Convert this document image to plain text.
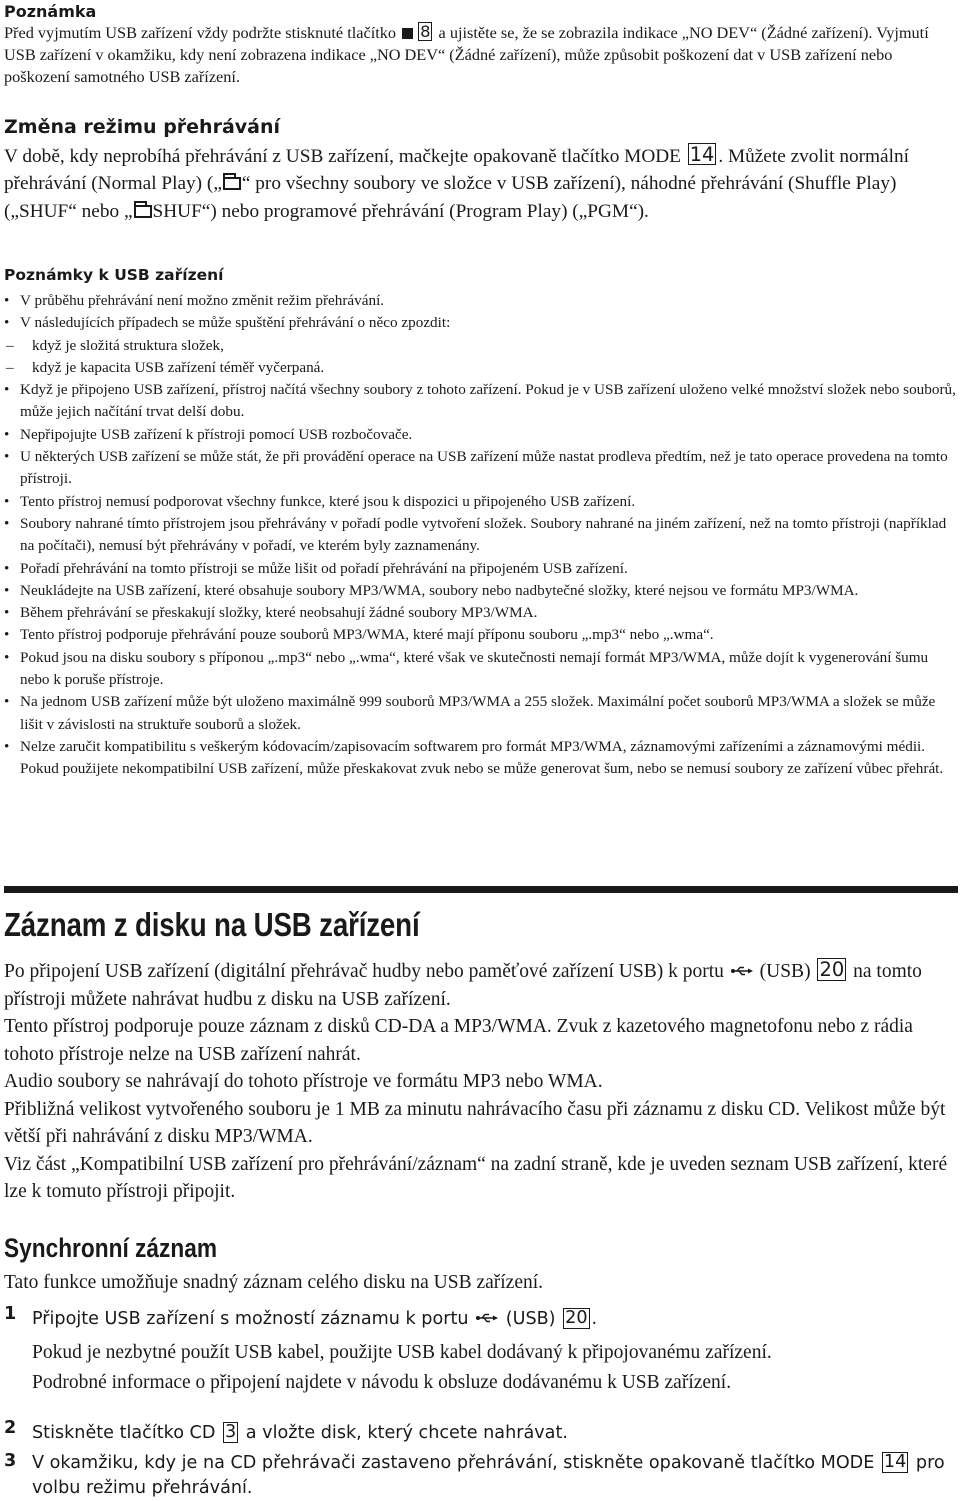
Poznámka
Před vyjmutím USB zařízení vždy podržte stisknuté tlačítko 8 a ujistěte se, že se zobrazila indikace „NO DEV“ (Žádné zařízení). Vyjmutí USB zařízení v okamžiku, kdy není zobrazena indikace „NO DEV“ (Žádné zařízení), může způsobit poškození dat v USB zařízení nebo poškození samotného USB zařízení.
Změna režimu přehrávání
V době, kdy neprobíhá přehrávání z USB zařízení, mačkejte opakovaně tlačítko MODE 14 . Můžete zvolit normální přehrávání (Normal Play) („ “ pro všechny soubory ve složce v USB zařízení), náhodné přehrávání (Shuffle Play) („SHUF“ nebo „ SHUF“) nebo programové přehrávání (Program Play) („PGM“).
Poznámky k USB zařízení
• V průběhu přehrávání není možno změnit režim přehrávání.
• V následujících případech se může spuštění přehrávání o něco zpozdit:
– když je složitá struktura složek,
– když je kapacita USB zařízení téměř vyčerpaná.
• Když je připojeno USB zařízení, přístroj načítá všechny soubory z tohoto zařízení. Pokud je v USB zařízení uloženo velké množství složek nebo souborů, může jejich načítání trvat delší dobu.
• Nepřipojujte USB zařízení k přístroji pomocí USB rozbočovače.
• U některých USB zařízení se může stát, že při provádění operace na USB zařízení může nastat prodleva předtím, než je tato operace provedena na tomto přístroji.
• Tento přístroj nemusí podporovat všechny funkce, které jsou k dispozici u připojeného USB zařízení.
• Soubory nahrané tímto přístrojem jsou přehrávány v pořadí podle vytvoření složek. Soubory nahrané na jiném zařízení, než na tomto přístroji (například na počítači), nemusí být přehrávány v pořadí, ve kterém byly zaznamenány.
• Pořadí přehrávání na tomto přístroji se může lišit od pořadí přehrávání na připojeném USB zařízení.
• Neukládejte na USB zařízení, které obsahuje soubory MP3/WMA, soubory nebo nadbytečné složky, které nejsou ve formátu MP3/WMA.
• Během přehrávání se přeskakují složky, které neobsahují žádné soubory MP3/WMA.
• Tento přístroj podporuje přehrávání pouze souborů MP3/WMA, které mají příponu souboru „.mp3“ nebo „.wma“.
• Pokud jsou na disku soubory s příponou „.mp3“ nebo „.wma“, které však ve skutečnosti nemají formát MP3/WMA, může dojít k vygenerování šumu nebo k poruše přístroje.
• Na jednom USB zařízení může být uloženo maximálně 999 souborů MP3/WMA a 255 složek. Maximální počet souborů MP3/WMA a složek se může lišit v závislosti na struktuře souborů a složek.
• Nelze zaručit kompatibilitu s veškerým kódovacím/zapisovacím softwarem pro formát MP3/WMA, záznamovými zařízeními a záznamovými médii. Pokud použijete nekompatibilní USB zařízení, může přeskakovat zvuk nebo se může generovat šum, nebo se nemusí soubory ze zařízení vůbec přehrát.
Záznam z disku na USB zařízení
Po připojení USB zařízení (digitální přehrávač hudby nebo paměťové zařízení USB) k portu (USB) 20 na tomto přístroji můžete nahrávat hudbu z disku na USB zařízení.
Tento přístroj podporuje pouze záznam z disků CD-DA a MP3/WMA. Zvuk z kazetového magnetofonu nebo z rádia tohoto přístroje nelze na USB zařízení nahrát.
Audio soubory se nahrávají do tohoto přístroje ve formátu MP3 nebo WMA.
Přibližná velikost vytvořeného souboru je 1 MB za minutu nahrávacího času při záznamu z disku CD. Velikost může být větší při nahrávání z disku MP3/WMA.
Viz část „Kompatibilní USB zařízení pro přehrávání/záznam“ na zadní straně, kde je uveden seznam USB zařízení, které lze k tomuto přístroji připojit.
Synchronní záznam
Tato funkce umožňuje snadný záznam celého disku na USB zařízení.
1 Připojte USB zařízení s možností záznamu k portu (USB) 20 .
Pokud je nezbytné použít USB kabel, použijte USB kabel dodávaný k připojovanému zařízení.
Podrobné informace o připojení najdete v návodu k obsluze dodávanému k USB zařízení.
2 Stiskněte tlačítko CD 3 a vložte disk, který chcete nahrávat.
3 V okamžiku, kdy je na CD přehrávači zastaveno přehrávání, stiskněte opakovaně tlačítko MODE 14 pro volbu režimu přehrávání.
